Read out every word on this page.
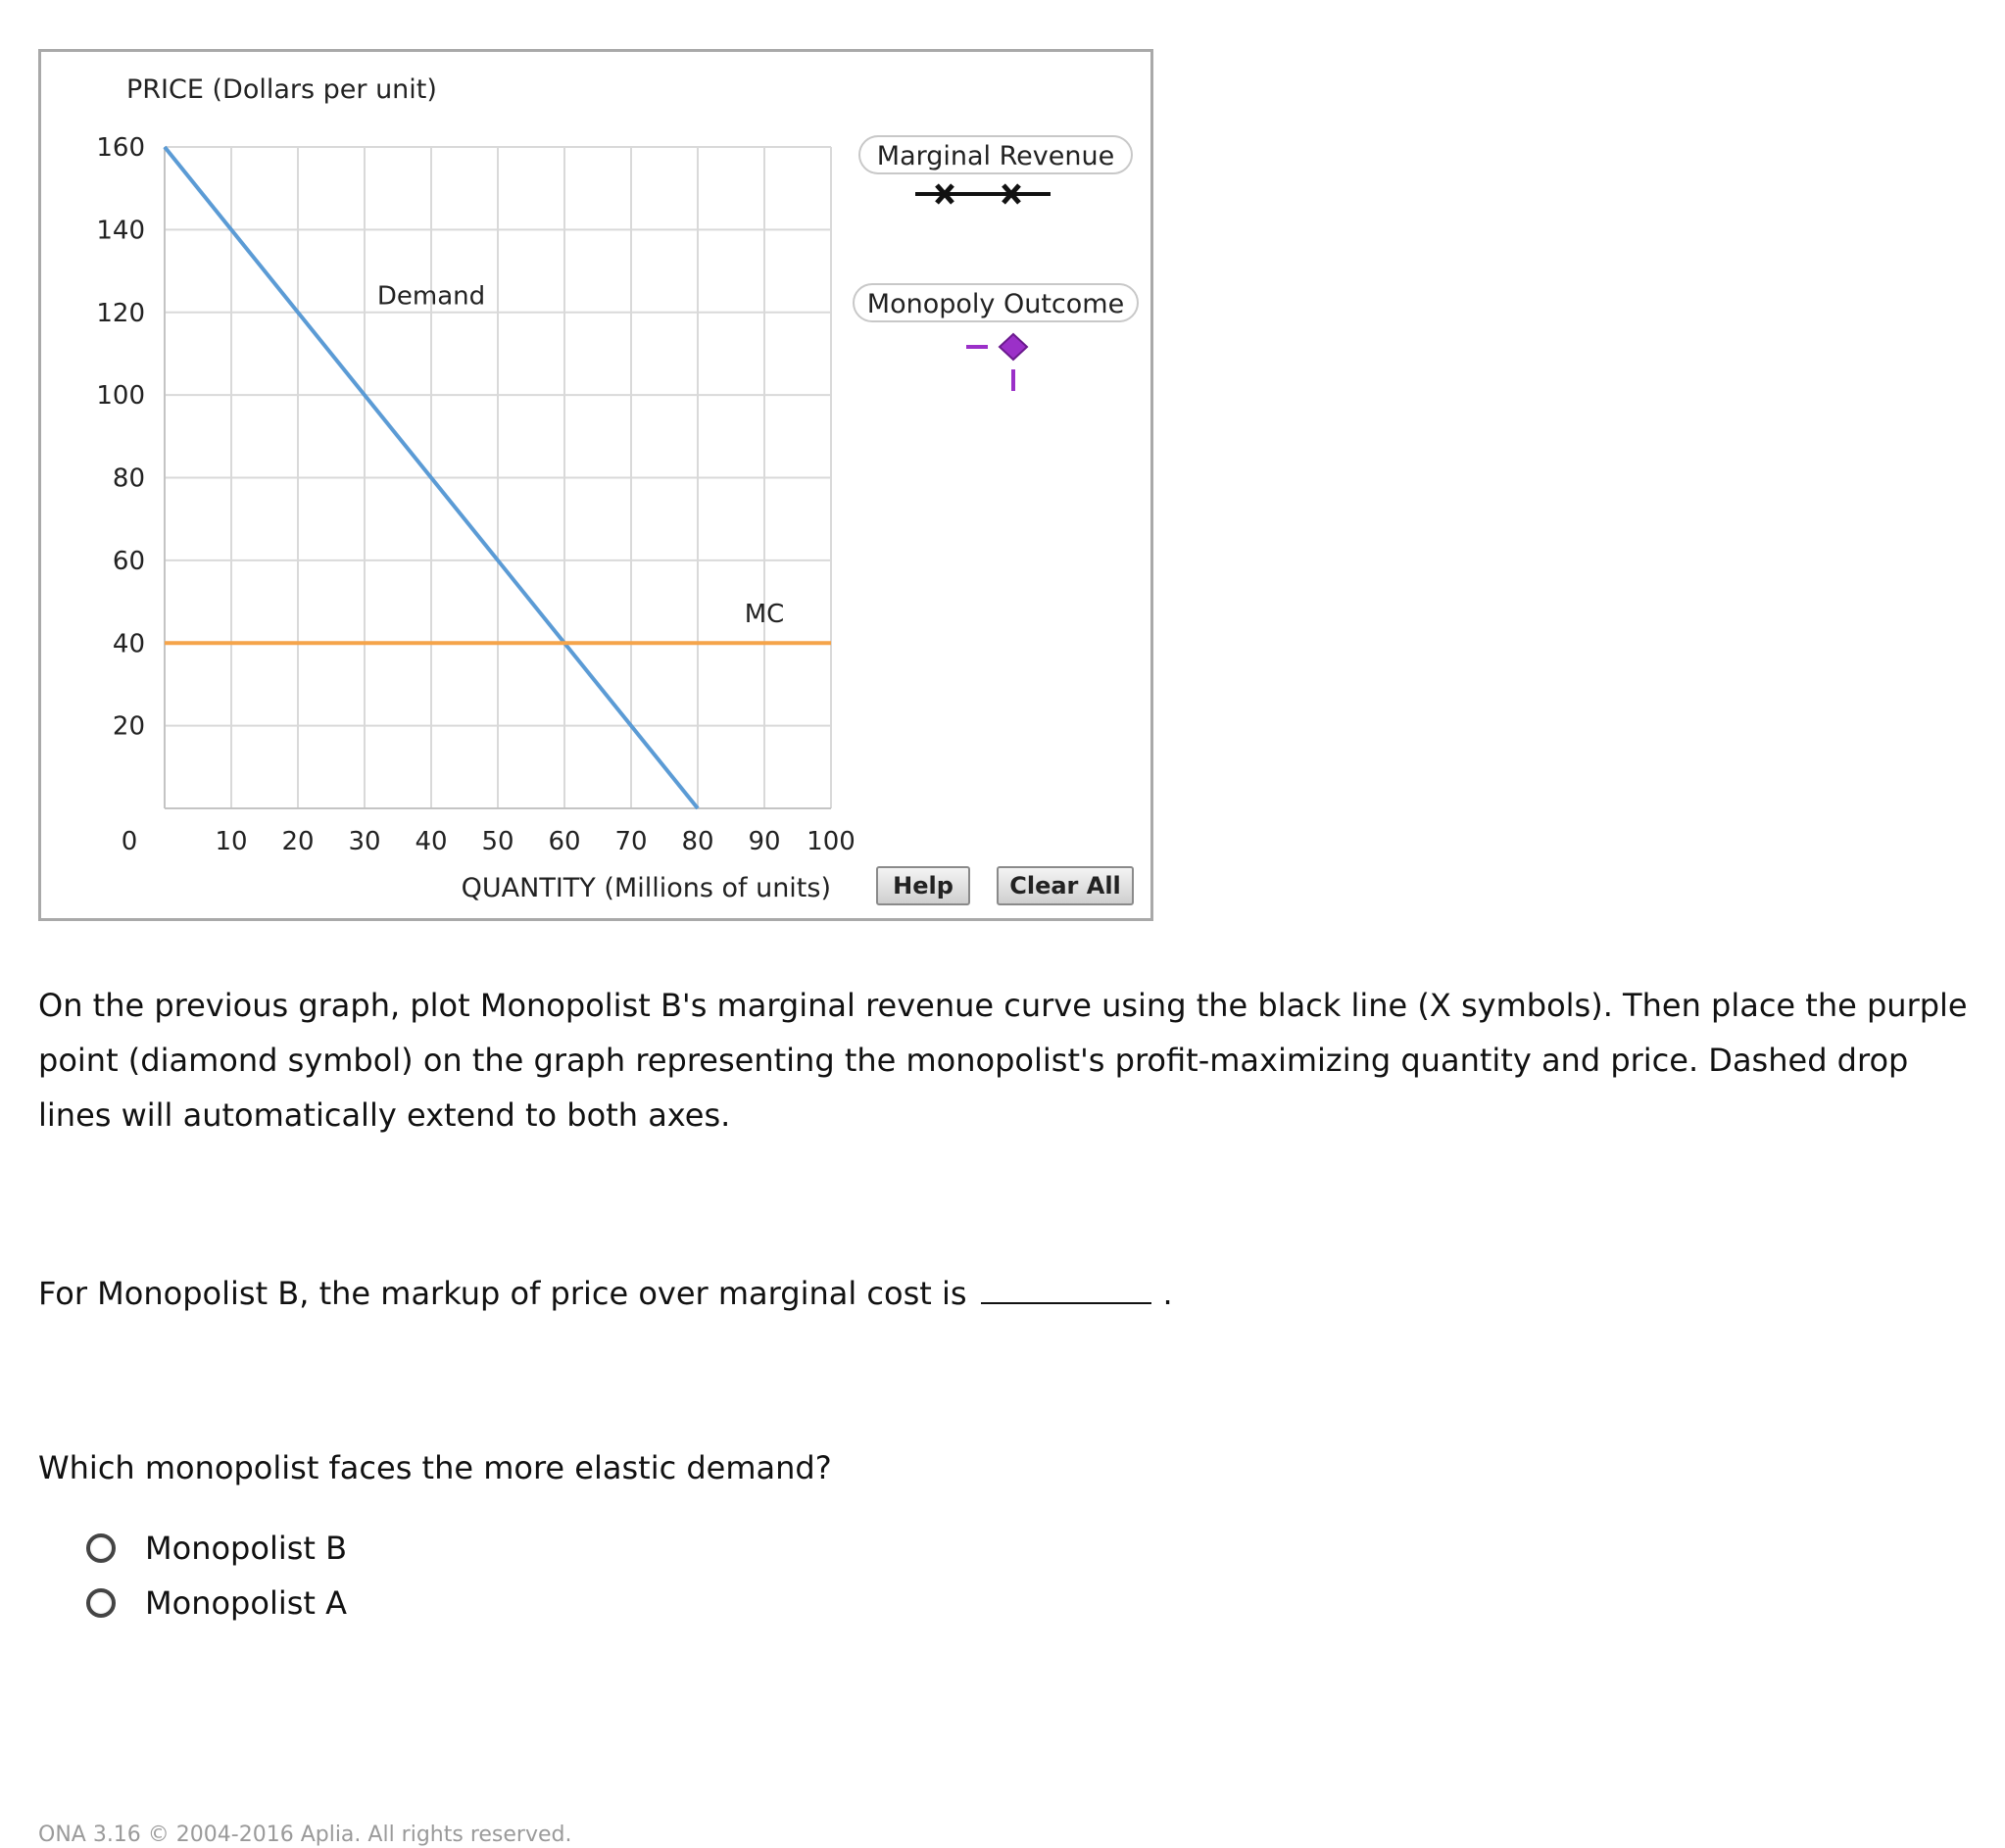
10 20 30 40 50 60 70 80 90 100
20
40
60
80
100
120
140
160
0
PRICE (Dollars per unit)
QUANTITY (Millions of units)
Demand
MC
Marginal Revenue
Monopoly Outcome
Help	Clear All
On the previous graph, plot Monopolist B's marginal revenue curve using the black line (X symbols). Then place the purple point (diamond symbol) on the graph representing the monopolist's profit-maximizing quantity and price. Dashed drop lines will automatically extend to both axes.
For Monopolist B, the markup of price over marginal cost is	.
Which monopolist faces the more elastic demand?
Monopolist B
Monopolist A
ONA 3.16 © 2004-2016 Aplia. All rights reserved.
